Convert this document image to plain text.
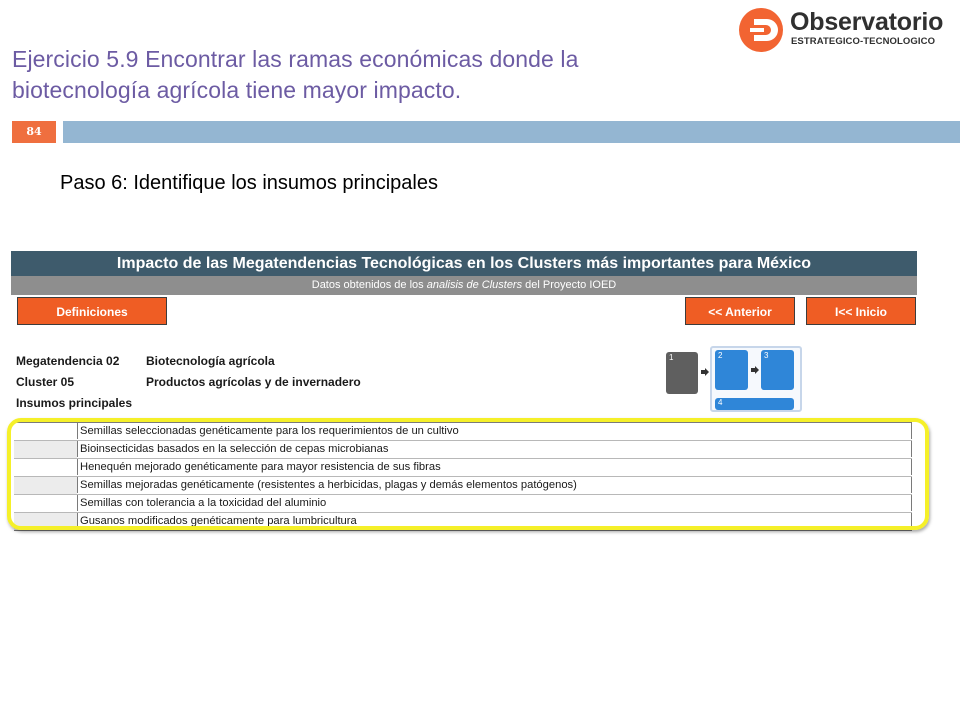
Ejercicio 5.9 Encontrar las ramas económicas donde la
biotecnología agrícola tiene mayor impacto.
Observatorio
ESTRATEGICO-TECNOLOGICO
84
Paso 6: Identifique los insumos principales
Impacto de las Megatendencias Tecnológicas en los Clusters más importantes para México
Datos obtenidos de los analisis de Clusters del Proyecto IOED
Definiciones	<< Anterior	I<< Inicio
Megatendencia 02 Biotecnología agrícola
Cluster 05	Productos agrícolas y de invernadero
Insumos principales
1	2	3
4
Semillas seleccionadas genéticamente para los requerimientos de un cultivo
Bioinsecticidas basados en la selección de cepas microbianas
Henequén mejorado genéticamente para mayor resistencia de sus fibras
Semillas mejoradas genéticamente (resistentes a herbicidas, plagas y demás elementos patógenos)
Semillas con tolerancia a la toxicidad del aluminio
Gusanos modificados genéticamente para lumbricultura
